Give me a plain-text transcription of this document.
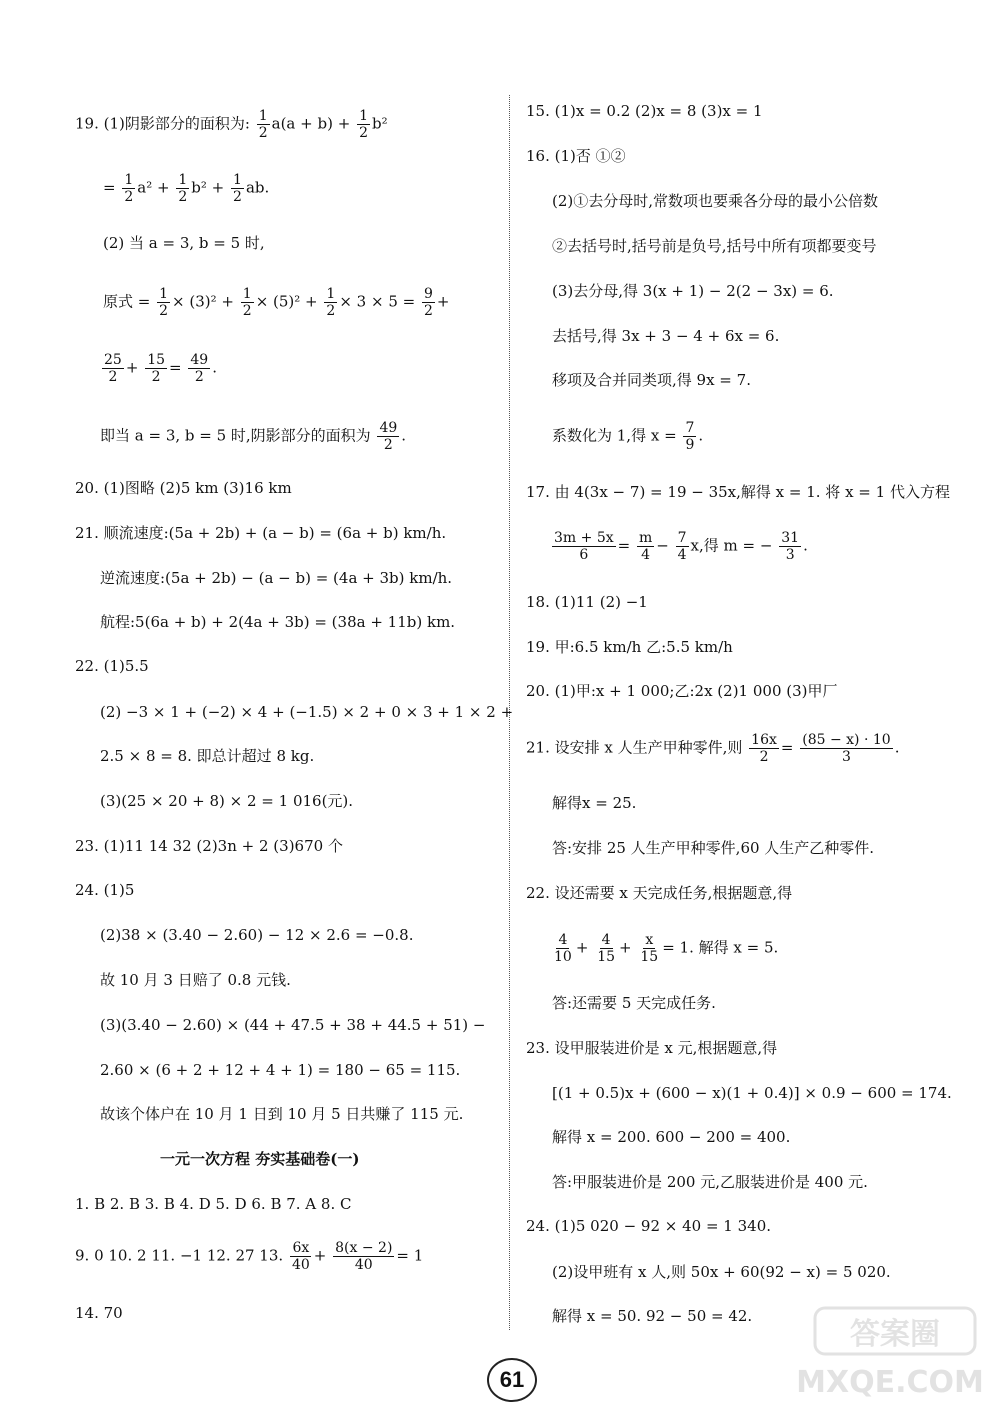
19. (1)阴影部分的面积为: $\frac{1}{2} a(a + b) + \frac{1}{2} b^2$
= $\frac{1}{2} a^2 + \frac{1}{2} b^2 + \frac{1}{2}$ ab.
(2) 当 a = 3, b = 5 时,
原式 = $\frac{1}{2} \times (3)^2 + \frac{1}{2} \times (5)^2 + \frac{1}{2} \times 3 \times 5 = \frac{9}{2}$ +
$\frac{25}{2} + \frac{15}{2} = \frac{49}{2}$ .
即当 a = 3, b = 5 时,阴影部分的面积为 $\frac{49}{2}$ .
20. (1)图略 (2)5 km (3)16 km
21. 顺流速度:(5a + 2b) + (a − b) = (6a + b) km/h.
逆流速度:(5a + 2b) − (a − b) = (4a + 3b) km/h.
航程:5(6a + b) + 2(4a + 3b) = (38a + 11b) km.
22. (1)5.5
(2) −3 × 1 + (−2) × 4 + (−1.5) × 2 + 0 × 3 + 1 × 2 +
2.5 × 8 = 8. 即总计超过 8 kg.
(3)(25 × 20 + 8) × 2 = 1 016(元).
23. (1)11 14 32 (2)3n + 2 (3)670 个
24. (1)5
(2)38 × (3.40 − 2.60) − 12 × 2.6 = −0.8.
故 10 月 3 日赔了 0.8 元钱.
(3)(3.40 − 2.60) × (44 + 47.5 + 38 + 44.5 + 51) −
2.60 × (6 + 2 + 12 + 4 + 1) = 180 − 65 = 115.
故该个体户在 10 月 1 日到 10 月 5 日共赚了 115 元.
一元一次方程 夯实基础卷(一)
1. B 2. B 3. B 4. D 5. D 6. B 7. A 8. C
9. 0 10. 2 11. −1 12. 27 13. $\frac{6x}{40} + \frac{8(x - 2)}{40} = 1$
14. 70
15. (1)x = 0.2 (2)x = 8 (3)x = 1
16. (1)否 ①②
(2)①去分母时,常数项也要乘各分母的最小公倍数
②去括号时,括号前是负号,括号中所有项都要变号
(3)去分母,得 3(x + 1) − 2(2 − 3x) = 6.
去括号,得 3x + 3 − 4 + 6x = 6.
移项及合并同类项,得 9x = 7.
系数化为 1,得 $x = \frac{7}{9}$ .
17. 由 4(3x − 7) = 19 − 35x,解得 x = 1. 将 x = 1 代入方程
$\frac{3m + 5x}{6} = \frac{m}{4} - \frac{7}{4} x$,得 m = − $\frac{31}{3}$ .
18. (1)11 (2) −1
19. 甲:6.5 km/h 乙:5.5 km/h
20. (1)甲:x + 1 000;乙:2x (2)1 000 (3)甲厂
21. 设安排 x 人生产甲种零件,则 $\frac{16x}{2} = \frac{(85 - x) \cdot 10}{3}$ .
解得x = 25.
答:安排 25 人生产甲种零件,60 人生产乙种零件.
22. 设还需要 x 天完成任务,根据题意,得
$\frac{4}{10} + \frac{4}{15} + \frac{x}{15} = 1$. 解得 x = 5.
答:还需要 5 天完成任务.
23. 设甲服装进价是 x 元,根据题意,得
[(1 + 0.5)x + (600 − x)(1 + 0.4)] × 0.9 − 600 = 174.
解得 x = 200. 600 − 200 = 400.
答:甲服装进价是 200 元,乙服装进价是 400 元.
24. (1)5 020 − 92 × 40 = 1 340.
(2)设甲班有 x 人,则 50x + 60(92 − x) = 5 020.
解得 x = 50. 92 − 50 = 42.
61
答案圈
MXQE.COM
